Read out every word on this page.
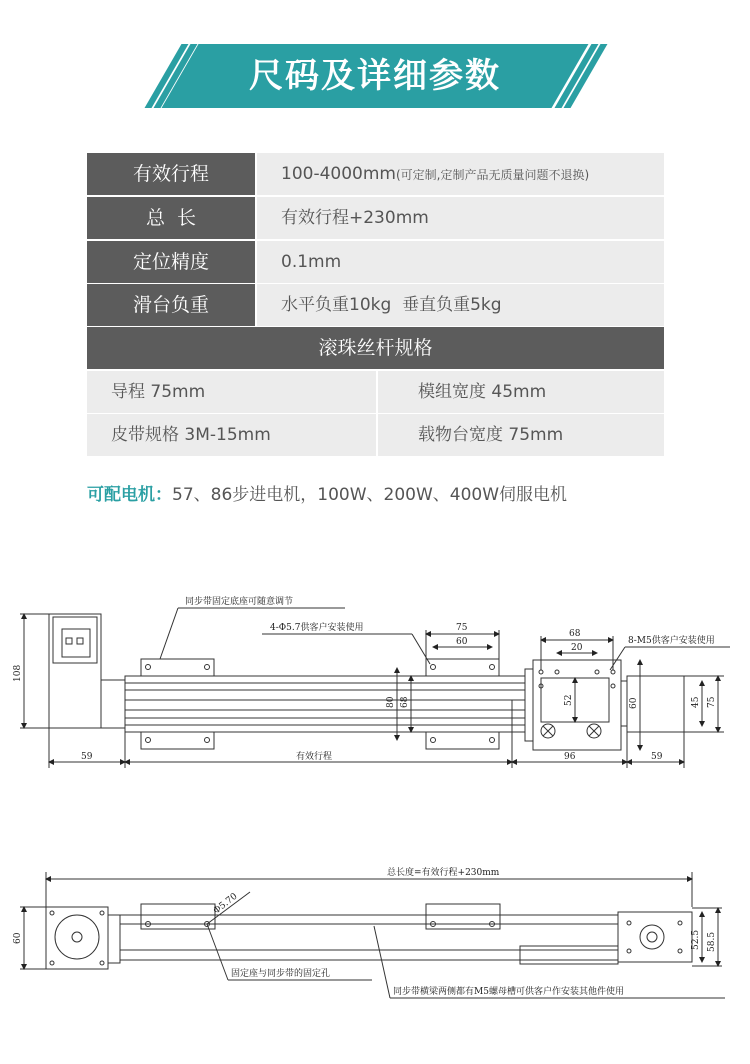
尺码及详细参数
有效行程	100-4000mm(可定制,定制产品无质量问题不退换)
总  长	有效行程+230mm
定位精度	0.1mm
滑台负重	水平负重10kg  垂直负重5kg
滚珠丝杆规格
导程 75mm	模组宽度 45mm
皮带规格 3M-15mm	载物台宽度 75mm
可配电机：57、86步进电机，100W、200W、400W伺服电机
同步带固定底座可随意调节
4-Φ5.7供客户安装使用
8-M5供客户安装使用
75
60
68
20
108
80 68	52	60	45 75
59	有效行程	96	59
总长度=有效行程+230mm
Φ5.70
固定座与同步带的固定孔
同步带横梁两侧都有M5螺母槽可供客户作安装其他件使用
60	52.5 58.5
